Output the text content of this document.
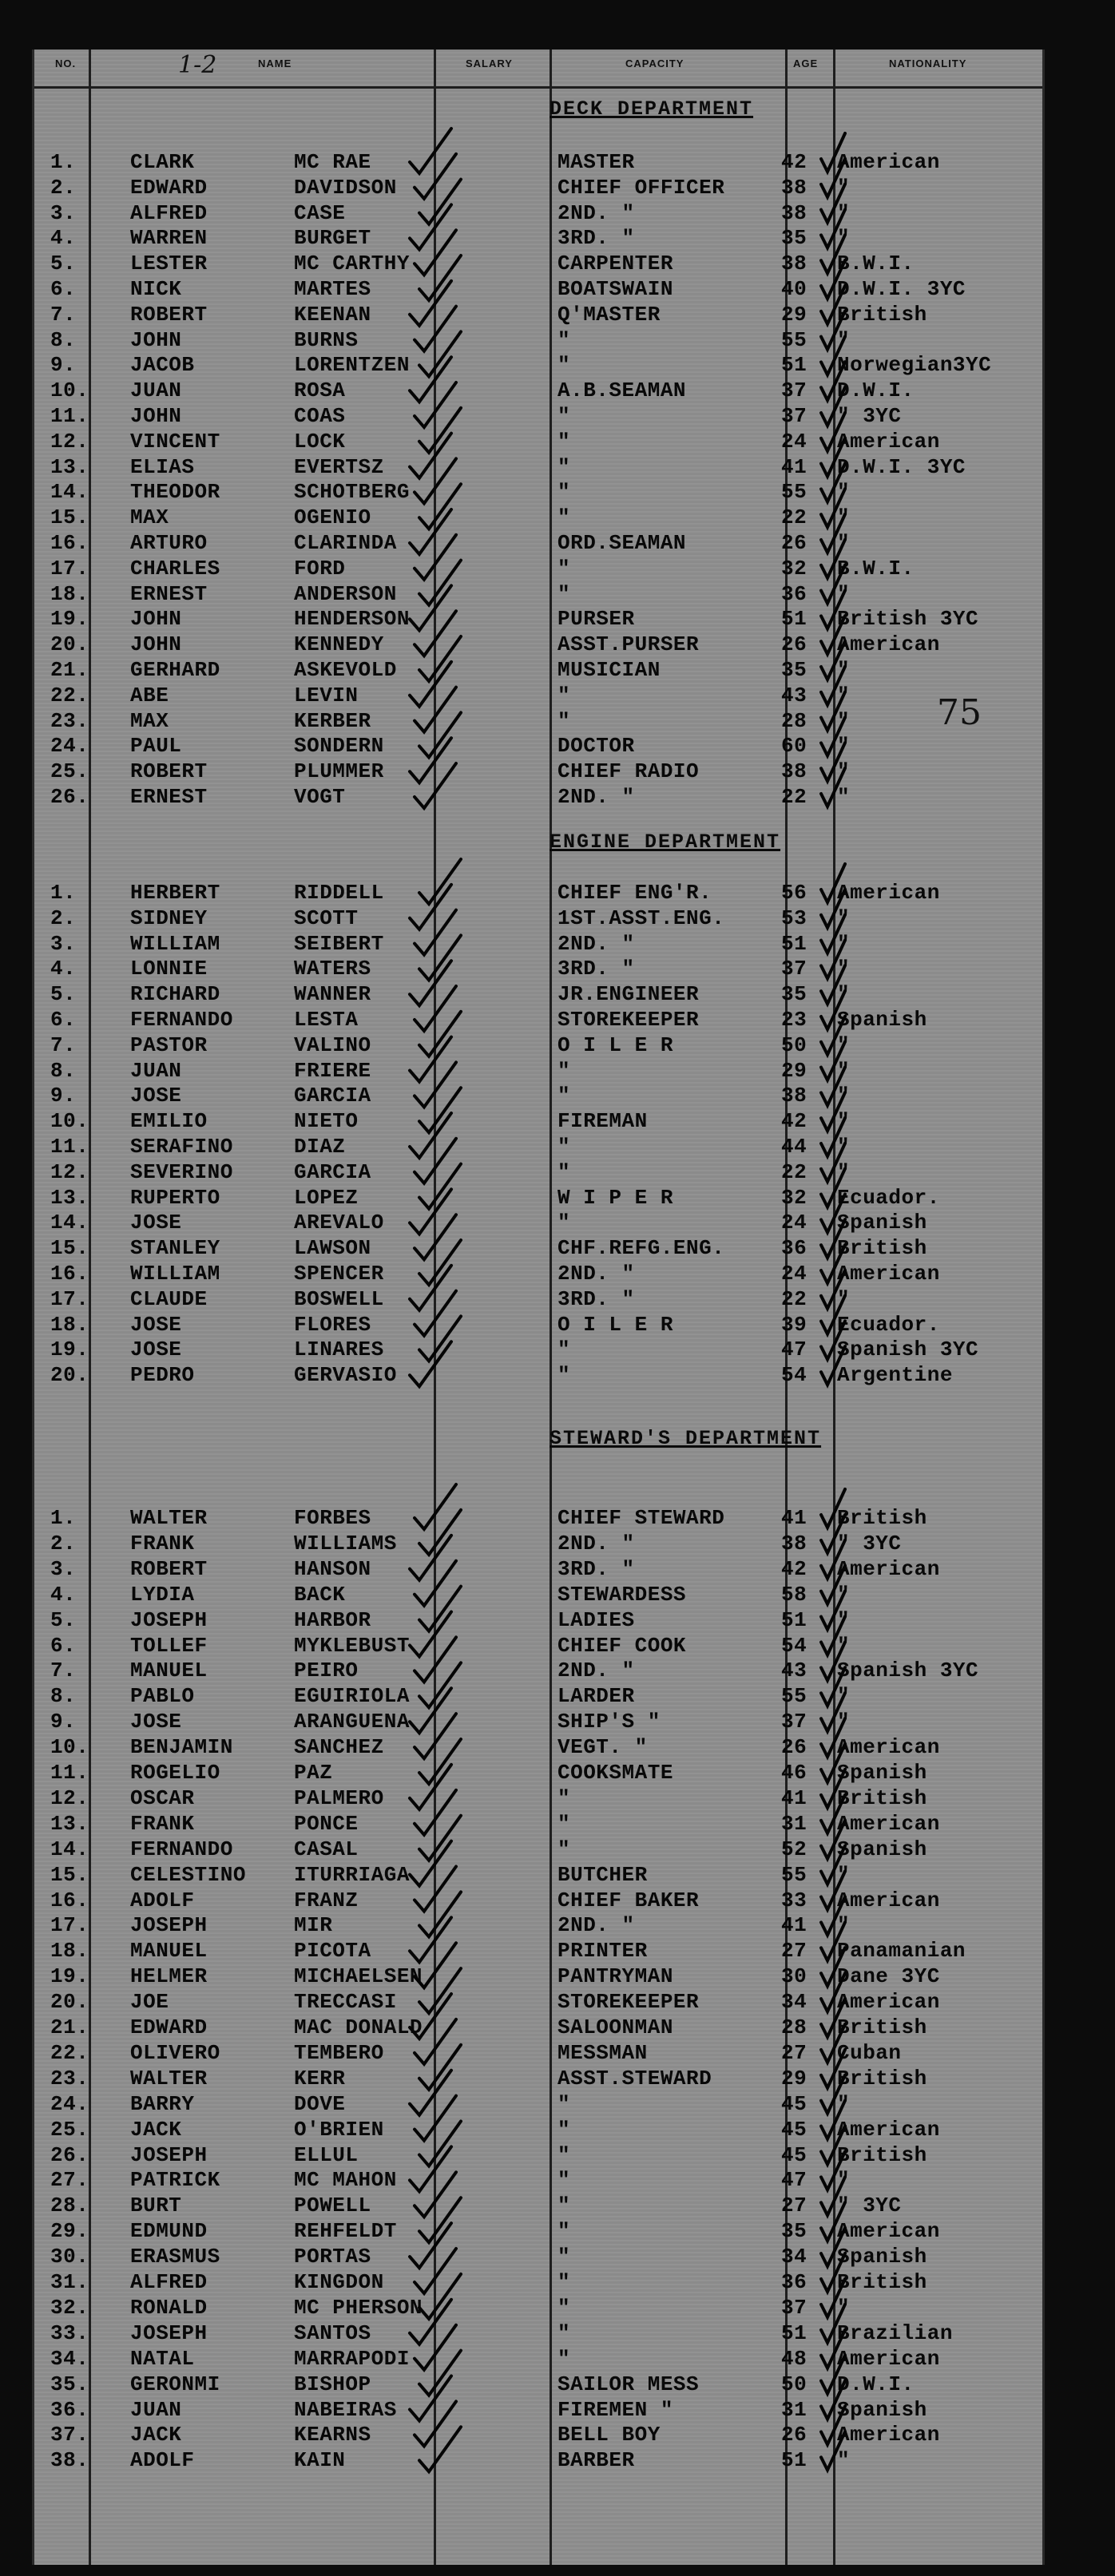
NO.	NAME	SALARY	CAPACITY	AGE	NATIONALITY
1-2
DECK DEPARTMENT
1.	CLARK	MC RAE	MASTER	42	American
2.	EDWARD	DAVIDSON	CHIEF OFFICER	38	"
3.	ALFRED	CASE	2ND. "	38	"
4.	WARREN	BURGET	3RD. "	35	"
5.	LESTER	MC CARTHY	CARPENTER	38	B.W.I.
6.	NICK	MARTES	BOATSWAIN	40	D.W.I. 3YC
7.	ROBERT	KEENAN	Q'MASTER	29	British
8.	JOHN	BURNS	"	55	"
9.	JACOB	LORENTZEN	"	51	Norwegian3YC
10.	JUAN	ROSA	A.B.SEAMAN	37	D.W.I.
11.	JOHN	COAS	"	37	" 3YC
12.	VINCENT	LOCK	"	24	American
13.	ELIAS	EVERTSZ	"	41	D.W.I. 3YC
14.	THEODOR	SCHOTBERG	"	55	"
15.	MAX	OGENIO	"	22	"
16.	ARTURO	CLARINDA	ORD.SEAMAN	26	"
17.	CHARLES	FORD	"	32	B.W.I.
18.	ERNEST	ANDERSON	"	36	"
19.	JOHN	HENDERSON	PURSER	51	British 3YC
20.	JOHN	KENNEDY	ASST.PURSER	26	American
21.	GERHARD	ASKEVOLD	MUSICIAN	35	"
22.	ABE	LEVIN	"	43	"
23.	MAX	KERBER	"	28	"
24.	PAUL	SONDERN	DOCTOR	60	"
25.	ROBERT	PLUMMER	CHIEF RADIO	38	"
26.	ERNEST	VOGT	2ND. "	22	"
ENGINE DEPARTMENT
1.	HERBERT	RIDDELL	CHIEF ENG'R.	56	American
2.	SIDNEY	SCOTT	1ST.ASST.ENG.	53	"
3.	WILLIAM	SEIBERT	2ND. "	51	"
4.	LONNIE	WATERS	3RD. "	37	"
5.	RICHARD	WANNER	JR.ENGINEER	35	"
6.	FERNANDO	LESTA	STOREKEEPER	23	Spanish
7.	PASTOR	VALINO	O I L E R	50	"
8.	JUAN	FRIERE	"	29	"
9.	JOSE	GARCIA	"	38	"
10.	EMILIO	NIETO	FIREMAN	42	"
11.	SERAFINO	DIAZ	"	44	"
12.	SEVERINO	GARCIA	"	22	"
13.	RUPERTO	LOPEZ	W I P E R	32	Ecuador.
14.	JOSE	AREVALO	"	24	Spanish
15.	STANLEY	LAWSON	CHF.REFG.ENG.	36	British
16.	WILLIAM	SPENCER	2ND. "	24	American
17.	CLAUDE	BOSWELL	3RD. "	22	"
18.	JOSE	FLORES	O I L E R	39	Ecuador.
19.	JOSE	LINARES	"	47	Spanish 3YC
20.	PEDRO	GERVASIO	"	54	Argentine
STEWARD'S DEPARTMENT
1.	WALTER	FORBES	CHIEF STEWARD	41	British
2.	FRANK	WILLIAMS	2ND. "	38	" 3YC
3.	ROBERT	HANSON	3RD. "	42	American
4.	LYDIA	BACK	STEWARDESS	58	"
5.	JOSEPH	HARBOR	LADIES	51	"
6.	TOLLEF	MYKLEBUST	CHIEF COOK	54	"
7.	MANUEL	PEIRO	2ND. "	43	Spanish 3YC
8.	PABLO	EGUIRIOLA	LARDER	55	"
9.	JOSE	ARANGUENA	SHIP'S "	37	"
10.	BENJAMIN	SANCHEZ	VEGT. "	26	American
11.	ROGELIO	PAZ	COOKSMATE	46	Spanish
12.	OSCAR	PALMERO	"	41	British
13.	FRANK	PONCE	"	31	American
14.	FERNANDO	CASAL	"	52	Spanish
15.	CELESTINO	ITURRIAGA	BUTCHER	55	"
16.	ADOLF	FRANZ	CHIEF BAKER	33	American
17.	JOSEPH	MIR	2ND. "	41	"
18.	MANUEL	PICOTA	PRINTER	27	Panamanian
19.	HELMER	MICHAELSEN	PANTRYMAN	30	Dane 3YC
20.	JOE	TRECCASI	STOREKEEPER	34	American
21.	EDWARD	MAC DONALD	SALOONMAN	28	British
22.	OLIVERO	TEMBERO	MESSMAN	27	Cuban
23.	WALTER	KERR	ASST.STEWARD	29	British
24.	BARRY	DOVE	"	45	"
25.	JACK	O'BRIEN	"	45	American
26.	JOSEPH	ELLUL	"	45	British
27.	PATRICK	MC MAHON	"	47	"
28.	BURT	POWELL	"	27	" 3YC
29.	EDMUND	REHFELDT	"	35	American
30.	ERASMUS	PORTAS	"	34	Spanish
31.	ALFRED	KINGDON	"	36	British
32.	RONALD	MC PHERSON	"	37	"
33.	JOSEPH	SANTOS	"	51	Brazilian
34.	NATAL	MARRAPODI	"	48	American
35.	GERONMI	BISHOP	SAILOR MESS	50	D.W.I.
36.	JUAN	NABEIRAS	FIREMEN "	31	Spanish
37.	JACK	KEARNS	BELL BOY	26	American
38.	ADOLF	KAIN	BARBER	51	"
75
